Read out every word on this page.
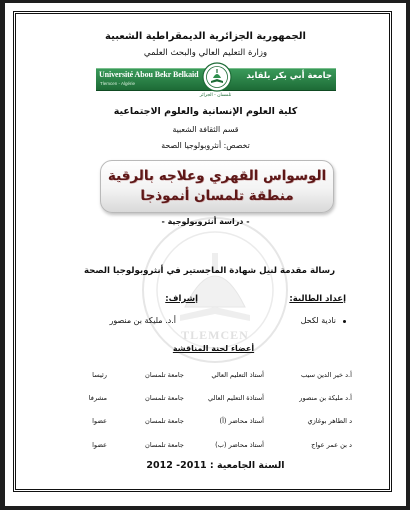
الجمهورية الجزائرية الديمقراطية الشعبية
وزارة التعليم العالي والبحث العلمي
Université Abou Bekr Belkaid
Tlemcen - Algérie
جامعة أبي بكر بلقايد
تلمسان - الجزائر
كلية العلوم الإنسانية والعلوم الاجتماعية
قسم الثقافة الشعبية
تخصص: أنثروبولوجيا الصحة
الوسواس القهري وعلاجه بالرقية
منطقة تلمسان أنموذجا
- دراسة أنثروبولوجية -
TLEMCEN
رسالة مقدمة لنيل شهادة الماجستير في أنثروبولوجيا الصحة
إعداد الطالبة:
إشراف:
نادية لكحل
أ.د. مليكة بن منصور
أعضاء لجنة المناقشة
أ.د خير الدين سيب
أستاذ التعليم العالي
جامعة تلمسان
رئيسا
أ.د مليكة بن منصور
أستاذة التعليم العالي
جامعة تلمسان
مشرفا
د الطاهر بوغازي
أستاذ محاضر (أ)
جامعة تلمسان
عضوا
د بن عمر عواج
أستاذ محاضر (ب)
جامعة تلمسان
عضوا
السنة الجامعية : 2011- 2012
